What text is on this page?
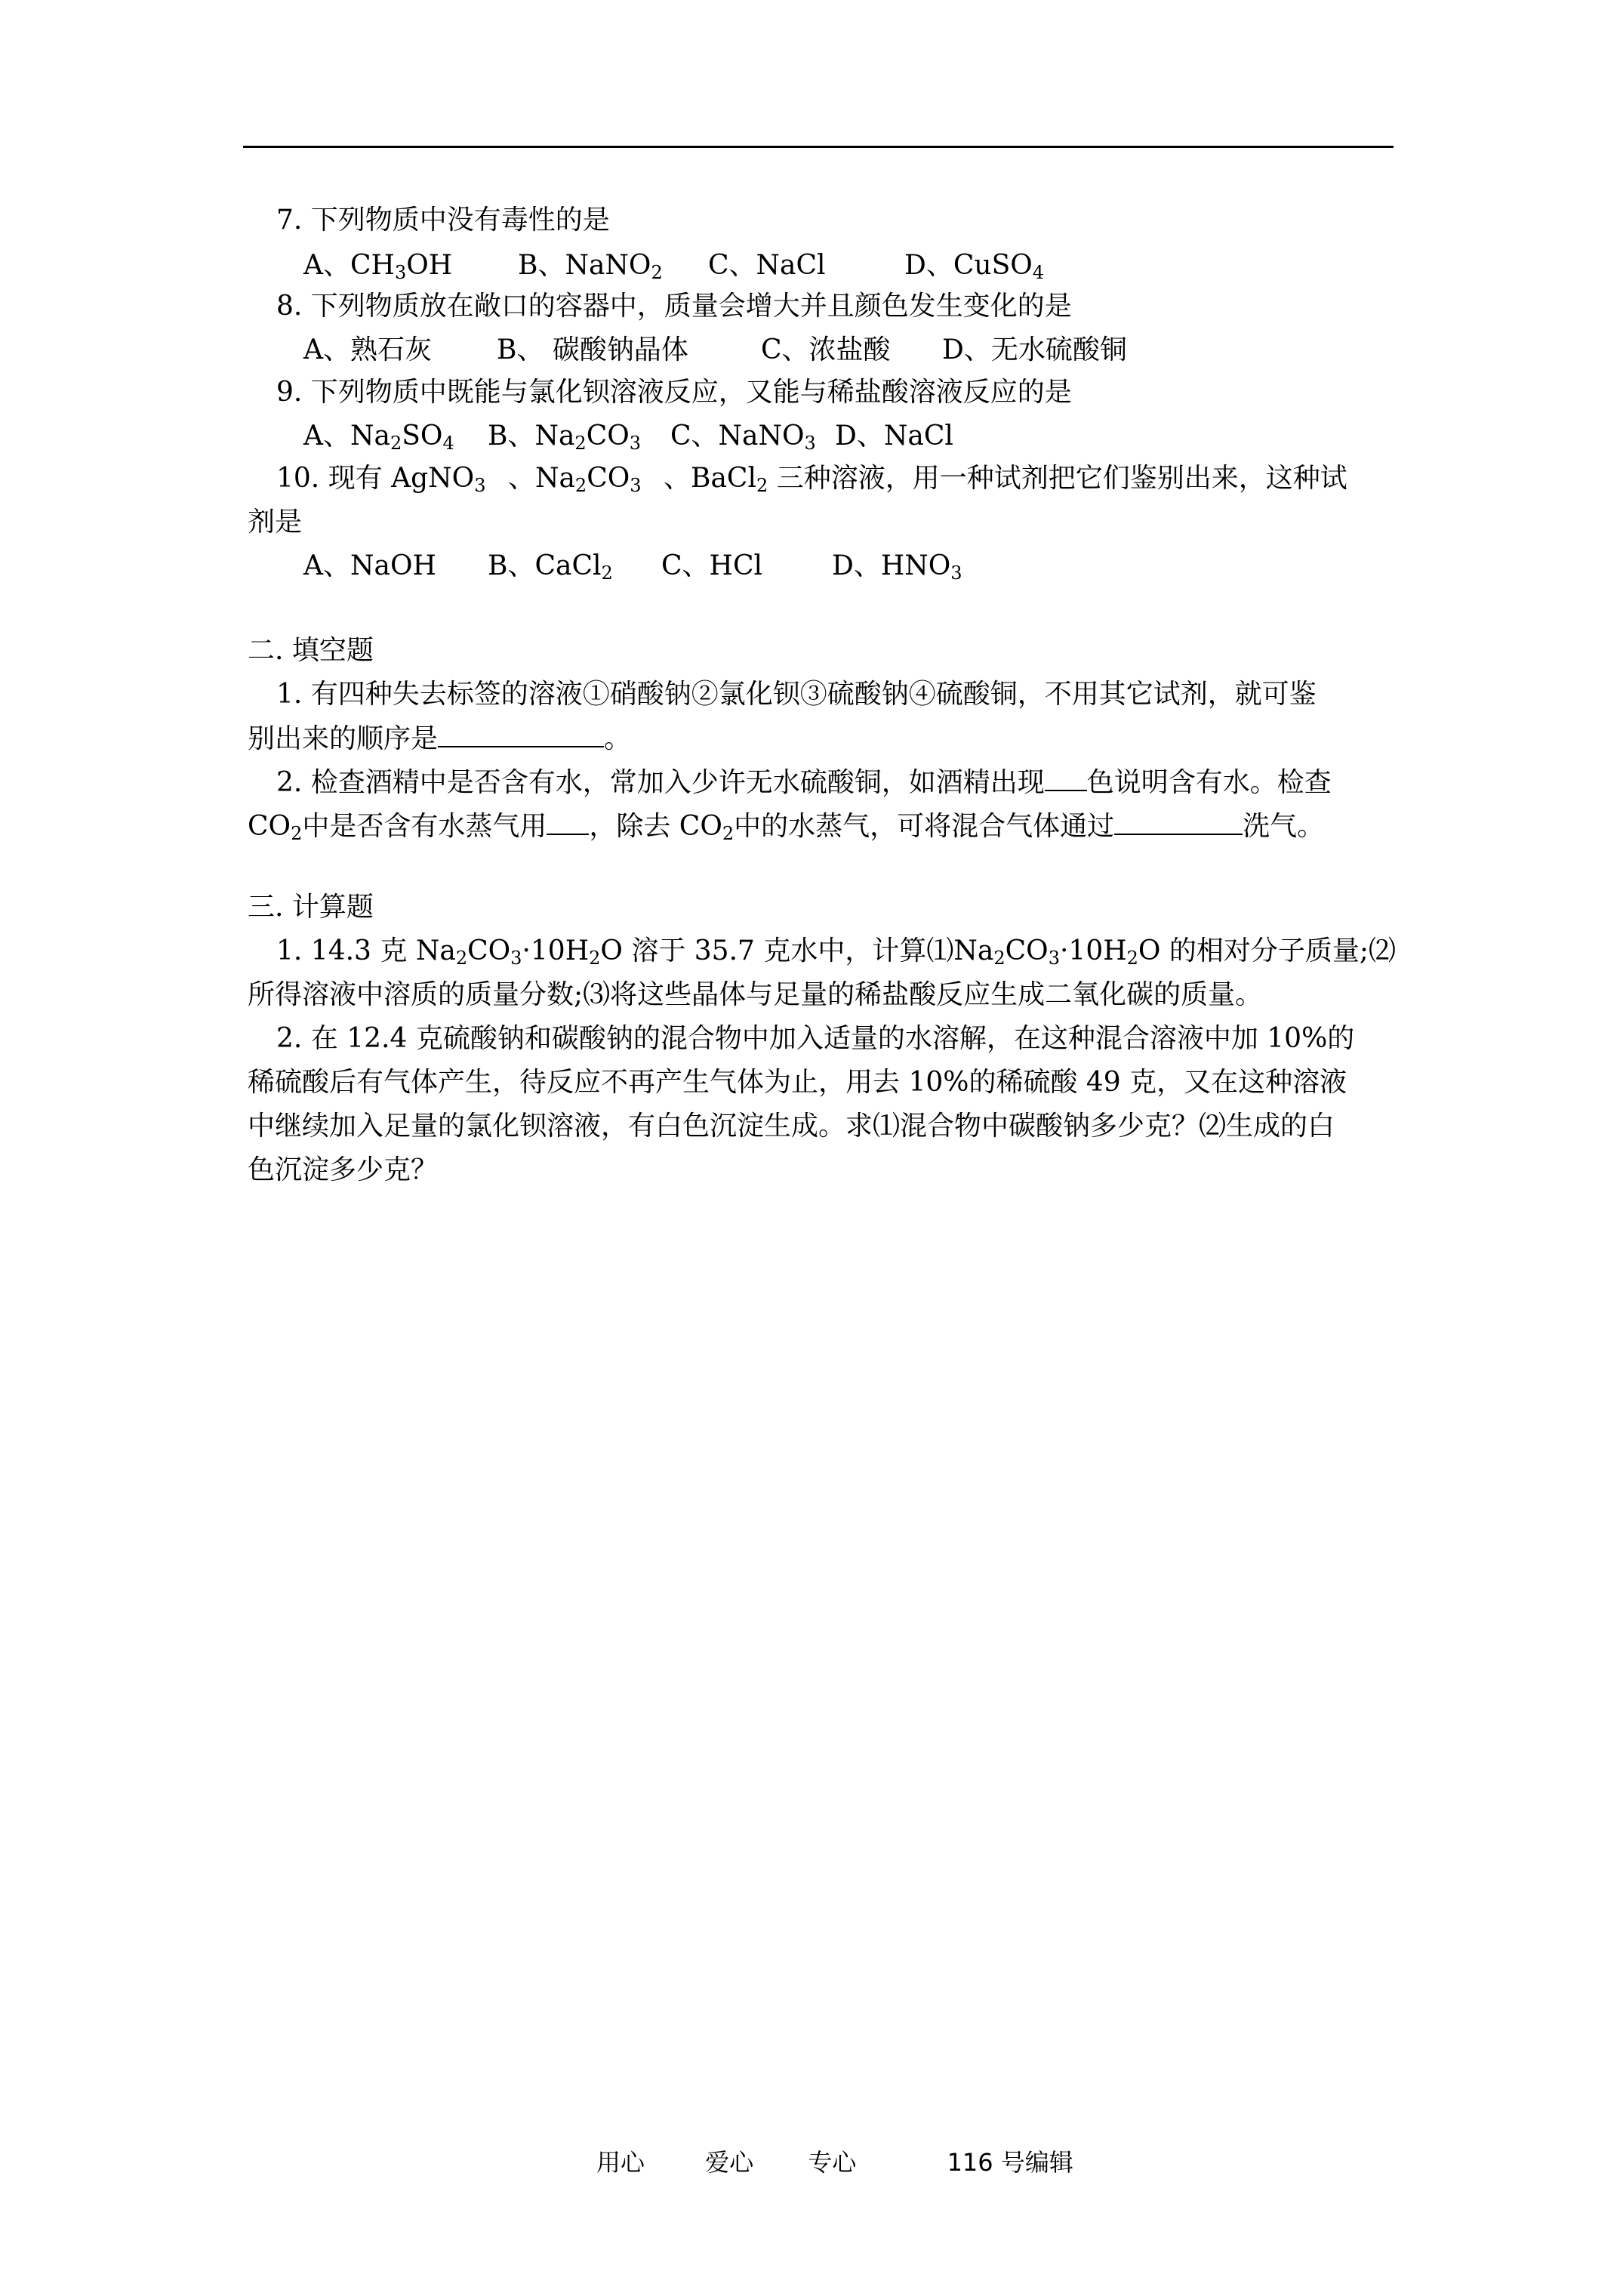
7. 下列物质中没有毒性的是
A、$CH_3OH$ B、NaNO$_2$ C、NaCl	D、CuSO$_4$
8. 下列物质放在敞口的容器中，质量会增大并且颜色发生变化的是
A、熟石灰 B、 碳酸钠晶体	C、浓盐酸 D、无水硫酸铜
9. 下列物质中既能与氯化钡溶液反应，又能与稀盐酸溶液反应的是
A、$Na_2SO_4$ B、$Na_2CO_3$ C、NaNO$_3$ D、NaCl
10. 现有 AgNO$_3$ 、$Na_2CO_3$ 、BaCl$_2$ 三种溶液，用一种试剂把它们鉴别出来，这种试
剂是
A、NaOH B、CaCl$_2$ C、HCl	D、$HNO_3$
二. 填空题
1. 有四种失去标签的溶液①硝酸钠②氯化钡③硫酸钠④硫酸铜，不用其它试剂，就可鉴
别出来的顺序是	。
2. 检查酒精中是否含有水，常加入少许无水硫酸铜，如酒精出现 色说明含有水。检查
$CO_2$中是否含有水蒸气用 ，除去 $CO_2$中的水蒸气，可将混合气体通过	洗气。
三. 计算题
1. 14.3 克 $Na_2CO_3\cdot 10H_2O$ 溶于 35.7 克水中，计算$⑴Na_2CO_3\cdot 10H_2O$ 的相对分子质量;⑵
所得溶液中溶质的质量分数;⑶将这些晶体与足量的稀盐酸反应生成二氧化碳的质量。
2. 在 12.4 克硫酸钠和碳酸钠的混合物中加入适量的水溶解，在这种混合溶液中加 10%的
稀硫酸后有气体产生，待反应不再产生气体为止，用去 10%的稀硫酸 49 克，又在这种溶液
中继续加入足量的氯化钡溶液，有白色沉淀生成。求⑴混合物中碳酸钠多少克？⑵生成的白
色沉淀多少克？
用心	爱心 专心	116 号编辑
